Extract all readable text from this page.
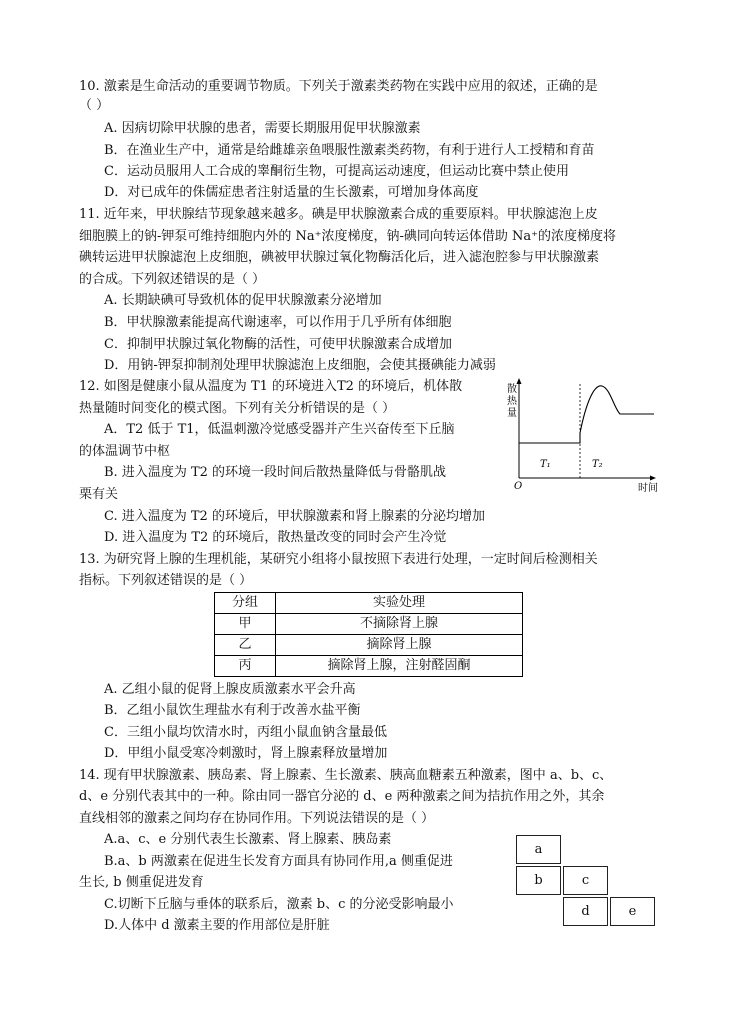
10. 激素是生命活动的重要调节物质。下列关于激素类药物在实践中应用的叙述，正确的是
（ ）
A. 因病切除甲状腺的患者，需要长期服用促甲状腺激素
B．在渔业生产中，通常是给雌雄亲鱼喂服性激素类药物，有利于进行人工授精和育苗
C．运动员服用人工合成的睾酮衍生物，可提高运动速度，但运动比赛中禁止使用
D．对已成年的侏儒症患者注射适量的生长激素，可增加身体高度
11. 近年来，甲状腺结节现象越来越多。碘是甲状腺激素合成的重要原料。甲状腺滤泡上皮
细胞膜上的钠-钾泵可维持细胞内外的 Na⁺浓度梯度，钠-碘同向转运体借助 Na⁺的浓度梯度将
碘转运进甲状腺滤泡上皮细胞，碘被甲状腺过氧化物酶活化后，进入滤泡腔参与甲状腺激素
的合成。下列叙述错误的是（ ）
A. 长期缺碘可导致机体的促甲状腺激素分泌增加
B．甲状腺激素能提高代谢速率，可以作用于几乎所有体细胞
C．抑制甲状腺过氧化物酶的活性，可使甲状腺激素合成增加
D．用钠-钾泵抑制剂处理甲状腺滤泡上皮细胞，会使其摄碘能力减弱
12. 如图是健康小鼠从温度为 T1 的环境进入T2 的环境后，机体散
热量随时间变化的模式图。下列有关分析错误的是（ ）
A．T2 低于 T1，低温刺激冷觉感受器并产生兴奋传至下丘脑
的体温调节中枢
B. 进入温度为 T2 的环境一段时间后散热量降低与骨骼肌战
栗有关
C. 进入温度为 T2 的环境后，甲状腺激素和肾上腺素的分泌均增加
D. 进入温度为 T2 的环境后，散热量改变的同时会产生冷觉
散
热
量
O	时间
T₁	T₂
13. 为研究肾上腺的生理机能，某研究小组将小鼠按照下表进行处理，一定时间后检测相关
指标。下列叙述错误的是（ ）
分组	实验处理
甲	不摘除肾上腺
乙	摘除肾上腺
丙	摘除肾上腺，注射醛固酮
A. 乙组小鼠的促肾上腺皮质激素水平会升高
B．乙组小鼠饮生理盐水有利于改善水盐平衡
C．三组小鼠均饮清水时，丙组小鼠血钠含量最低
D．甲组小鼠受寒冷刺激时，肾上腺素释放量增加
14. 现有甲状腺激素、胰岛素、肾上腺素、生长激素、胰高血糖素五种激素，图中 a、b、c、
d、e 分别代表其中的一种。除由同一器官分泌的 d、e 两种激素之间为拮抗作用之外，其余
直线相邻的激素之间均存在协同作用。下列说法错误的是（ ）
A.a、c、e 分别代表生长激素、肾上腺素、胰岛素
B.a、b 两激素在促进生长发育方面具有协同作用,a 侧重促进
生长, b 侧重促进发育
C.切断下丘脑与垂体的联系后，激素 b、c 的分泌受影响最小
D.人体中 d 激素主要的作用部位是肝脏
a
b	c
d	e
